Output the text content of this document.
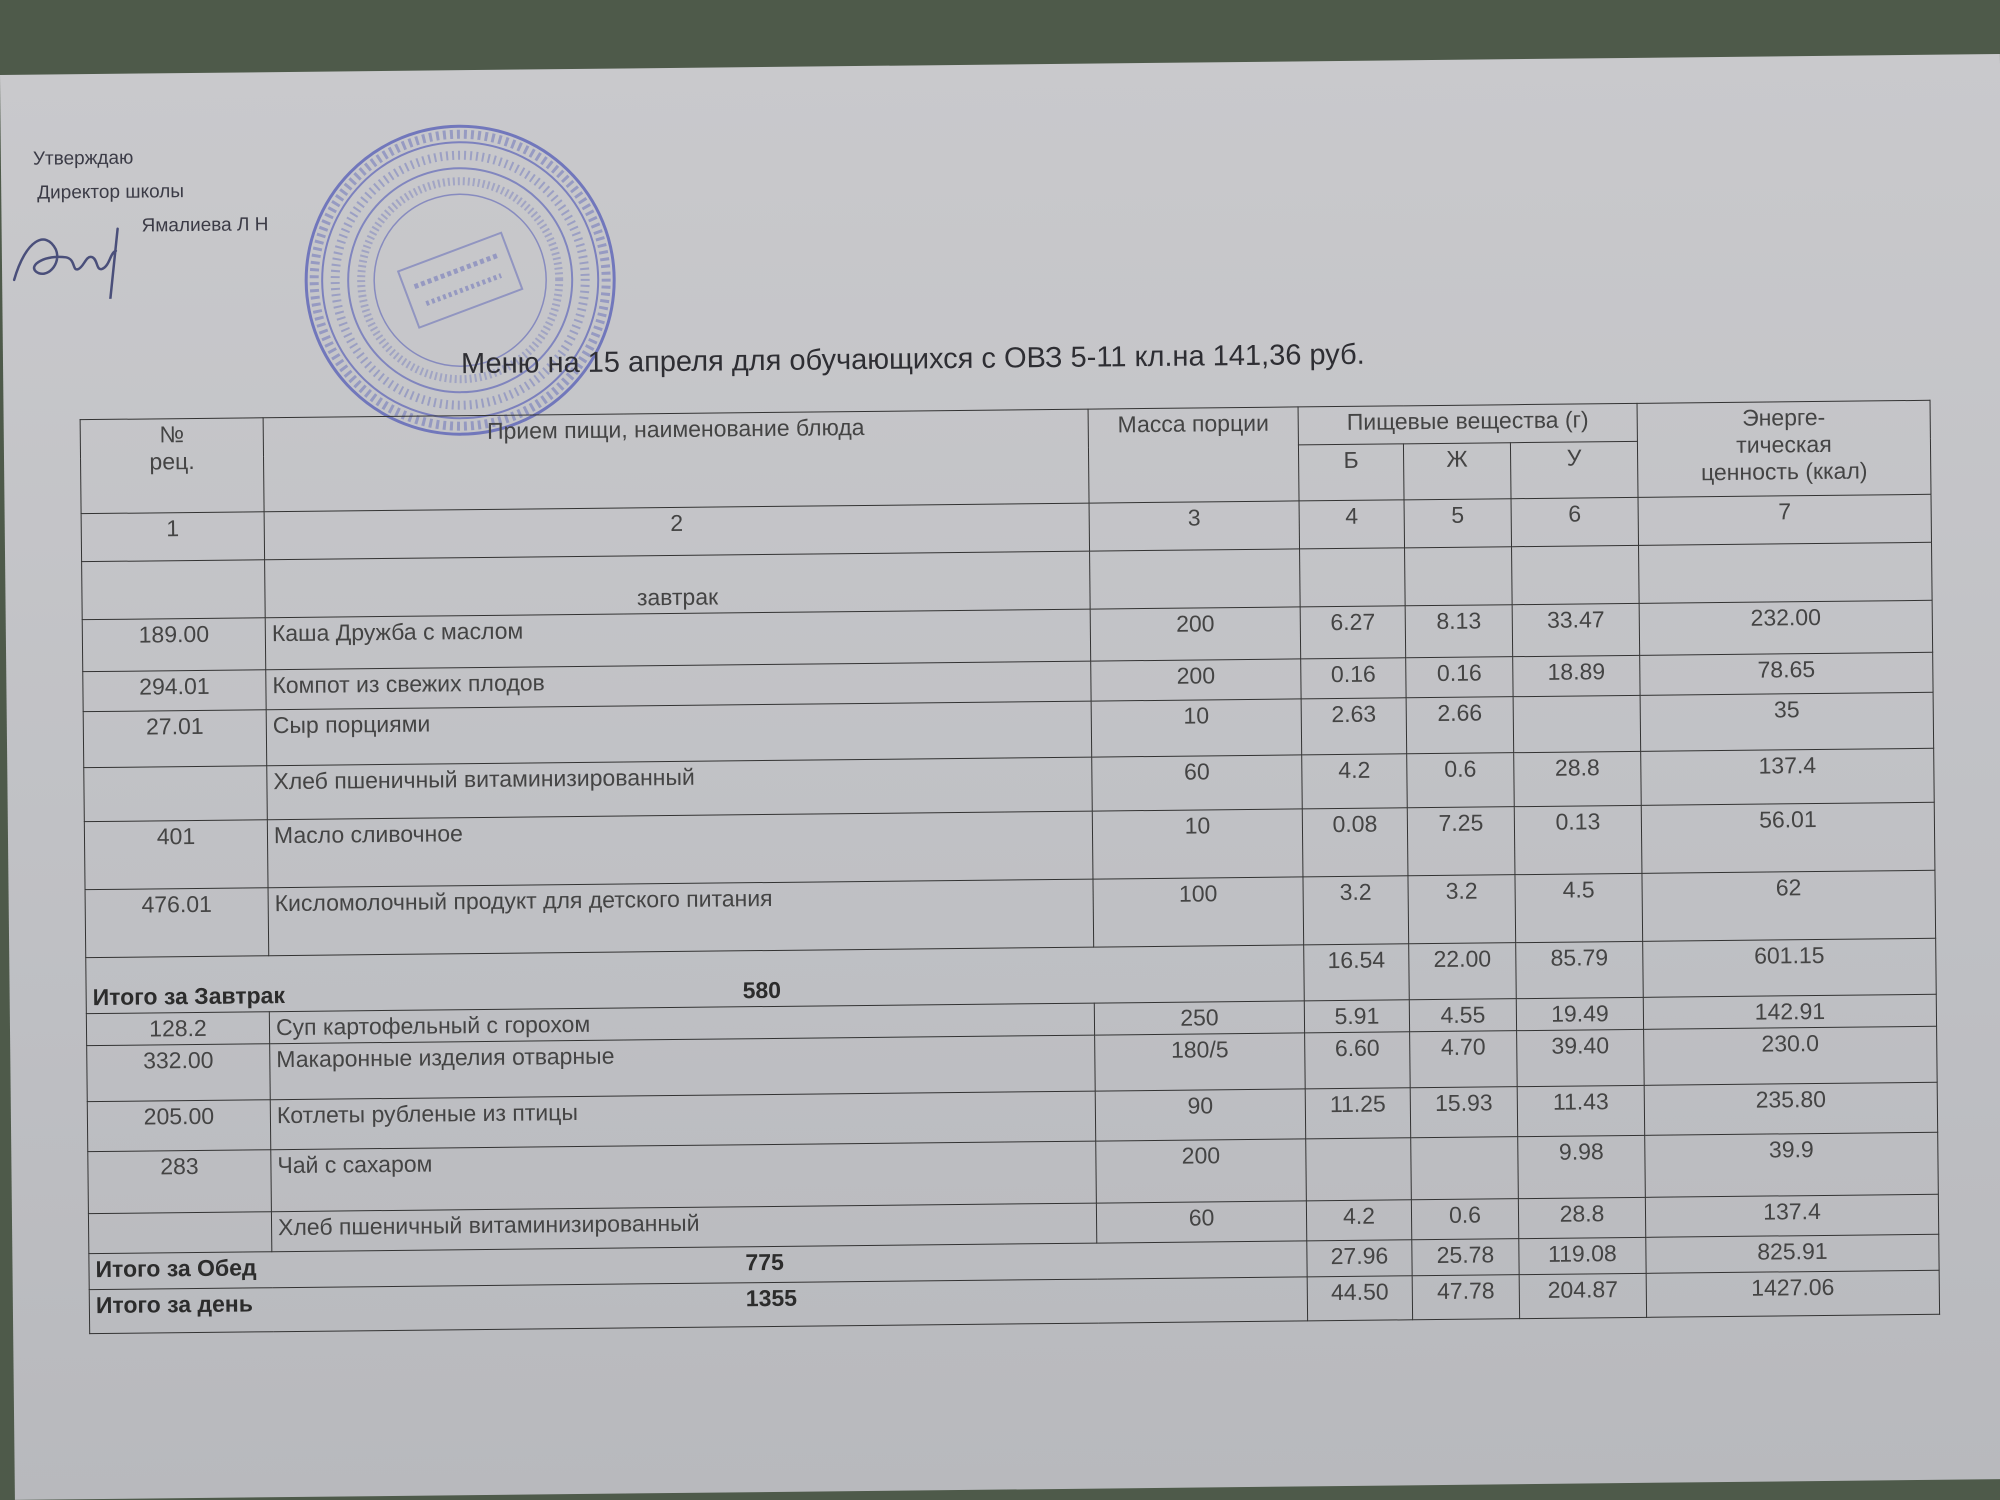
Утверждаю
Директор школы
Ямалиева Л Н
Меню на 15 апреля для обучающихся с ОВЗ 5-11 кл.на 141,36 руб.
№
рец.	Прием пищи, наименование блюда	Масса порции	Пищевые вещества (г)			Энерге-
тическая
ценность (ккал)
			Б	Ж	У	
1	2	3	4	5	6	7
	завтрак					
189.00	Каша Дружба с маслом	200	6.27	8.13	33.47	232.00
294.01	Компот из свежих плодов	200	0.16	0.16	18.89	78.65
27.01	Сыр порциями	10	2.63	2.66		35
	Хлеб пшеничный витаминизированный	60	4.2	0.6	28.8	137.4
401	Масло сливочное	10	0.08	7.25	0.13	56.01
476.01	Кисломолочный продукт для детского питания	100	3.2	3.2	4.5	62
Итого за Завтрак 580			16.54	22.00	85.79	601.15
128.2	Суп картофельный с горохом	250	5.91	4.55	19.49	142.91
332.00	Макаронные изделия отварные	180/5	6.60	4.70	39.40	230.0
205.00	Котлеты рубленые из птицы	90	11.25	15.93	11.43	235.80
283	Чай с сахаром	200			9.98	39.9
	Хлеб пшеничный витаминизированный	60	4.2	0.6	28.8	137.4
Итого за Обед 775			27.96	25.78	119.08	825.91
Итого за день 1355			44.50	47.78	204.87	1427.06
